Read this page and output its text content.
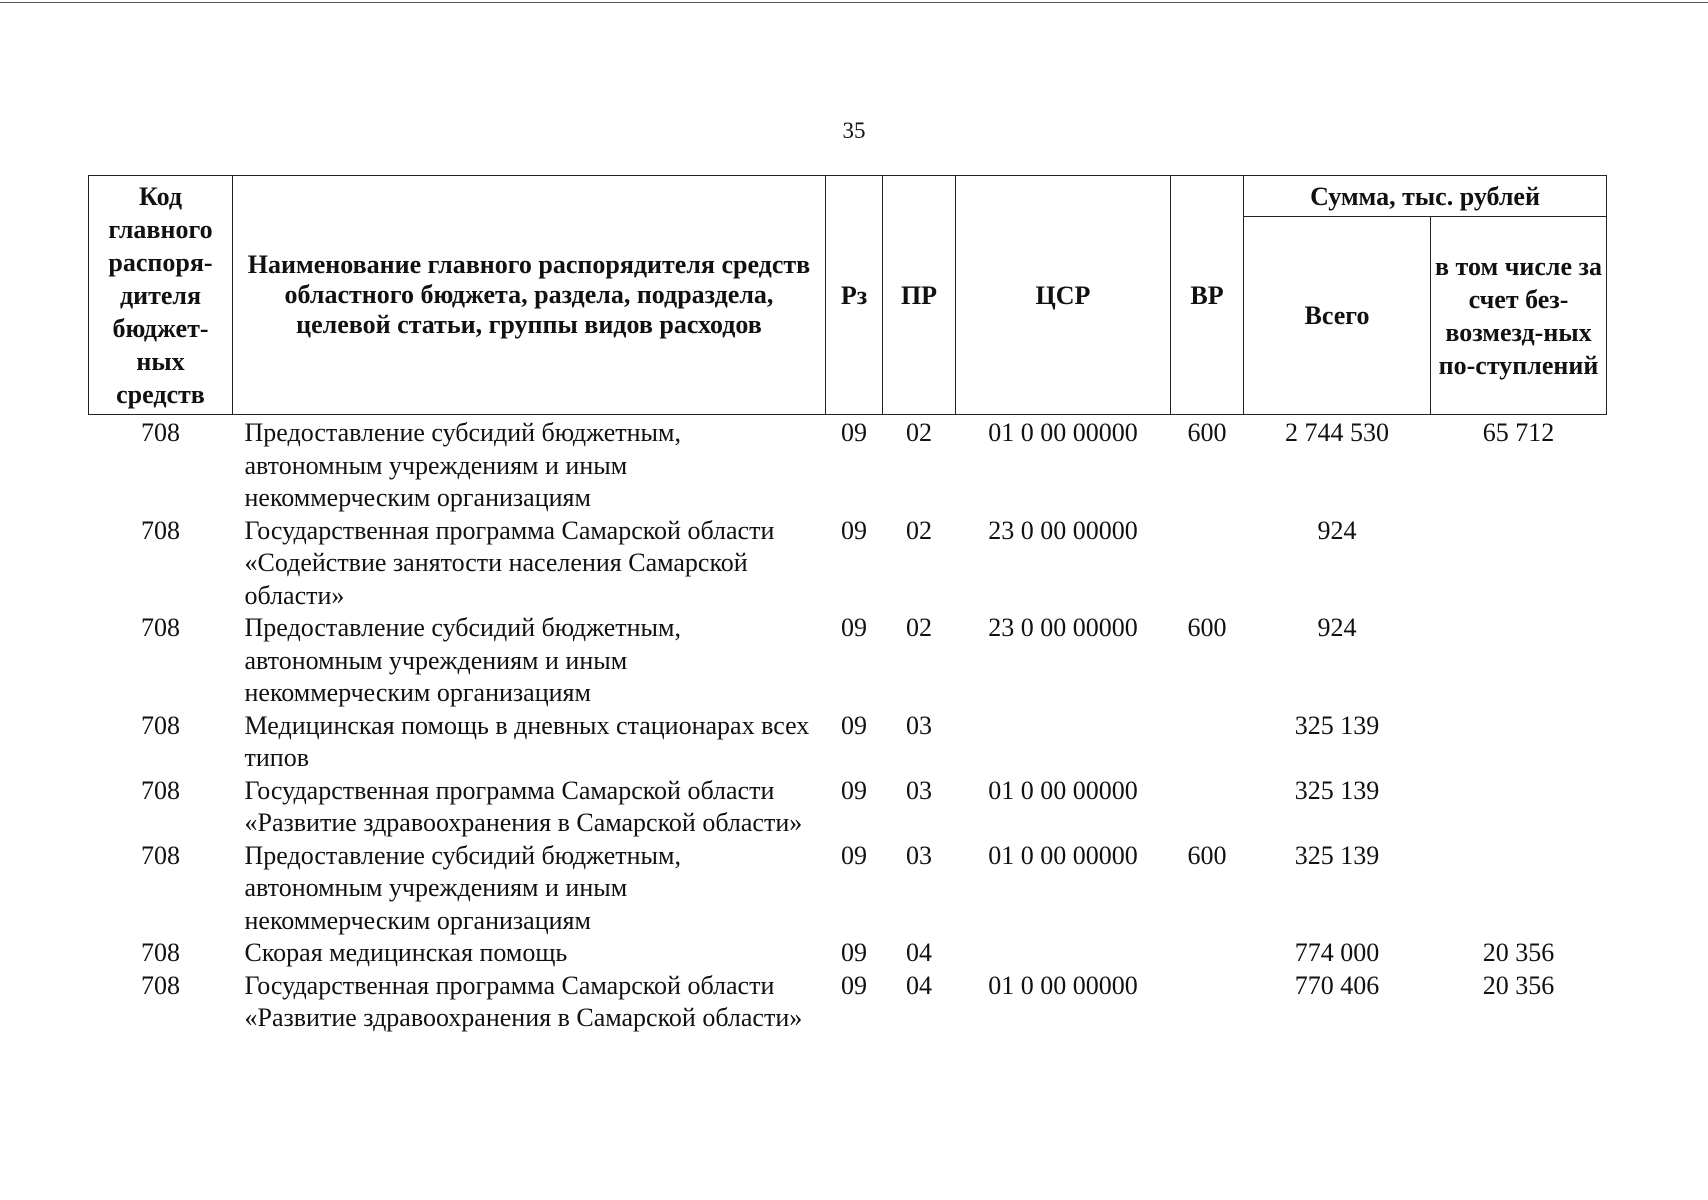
35
Код главного распоря-дителя бюджет-ных средств	Наименование главного распорядителя средств областного бюджета, раздела, подраздела, целевой статьи, группы видов расходов	Рз	ПР	ЦСР	ВР	Сумма, тыс. рублей	
						Всего	в том числе за счет без-возмезд-ных по-ступлений
708	Предоставление субсидий бюджетным, автономным учреждениям и иным некоммерческим организациям	09	02	01 0 00 00000	600	2 744 530	65 712
708	Государственная программа Самарской области «Содействие занятости населения Самарской области»	09	02	23 0 00 00000		924	
708	Предоставление субсидий бюджетным, автономным учреждениям и иным некоммерческим организациям	09	02	23 0 00 00000	600	924	
708	Медицинская помощь в дневных стационарах всех типов	09	03			325 139	
708	Государственная программа Самарской области «Развитие здравоохранения в Самарской области»	09	03	01 0 00 00000		325 139	
708	Предоставление субсидий бюджетным, автономным учреждениям и иным некоммерческим организациям	09	03	01 0 00 00000	600	325 139	
708	Скорая медицинская помощь	09	04			774 000	20 356
708	Государственная программа Самарской области «Развитие здравоохранения в Самарской области»	09	04	01 0 00 00000		770 406	20 356
